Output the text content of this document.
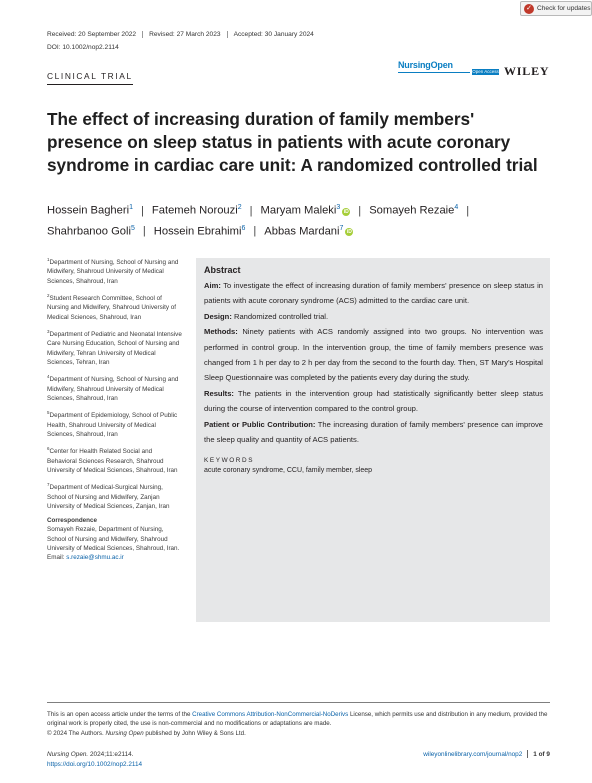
✓ Check for updates
Received: 20 September 2022	Revised: 27 March 2023	Accepted: 30 January 2024
DOI: 10.1002/nop2.2114
CLINICAL TRIAL
NursingOpen
Open Access WILEY
The effect of increasing duration of family members' presence on sleep status in patients with acute coronary syndrome in cardiac care unit: A randomized controlled trial
Hossein Bagheri$^1$ | Fatemeh Norouzi$^2$ | Maryam Maleki$^3$iD | Somayeh Rezaie$^4$ |
Shahrbanoo Goli$^5$ | Hossein Ebrahimi$^6$ | Abbas Mardani$^7$iD
$^1$Department of Nursing, School of Nursing and Midwifery, Shahroud University of Medical Sciences, Shahroud, Iran
$^2$Student Research Committee, School of Nursing and Midwifery, Shahroud University of Medical Sciences, Shahroud, Iran
$^3$Department of Pediatric and Neonatal Intensive Care Nursing Education, School of Nursing and Midwifery, Tehran University of Medical Sciences, Tehran, Iran
$^4$Department of Nursing, School of Nursing and Midwifery, Shahroud University of Medical Sciences, Shahroud, Iran
$^5$Department of Epidemiology, School of Public Health, Shahroud University of Medical Sciences, Shahroud, Iran
$^6$Center for Health Related Social and Behavioral Sciences Research, Shahroud University of Medical Sciences, Shahroud, Iran
$^7$Department of Medical-Surgical Nursing, School of Nursing and Midwifery, Zanjan University of Medical Sciences, Zanjan, Iran
Correspondence
Somayeh Rezaie, Department of Nursing, School of Nursing and Midwifery, Shahroud University of Medical Sciences, Shahroud, Iran.
Email: s.rezaie@shmu.ac.ir
Abstract

Aim: To investigate the effect of increasing duration of family members' presence on sleep status in patients with acute coronary syndrome (ACS) admitted to the cardiac care unit.

Design: Randomized controlled trial.

Methods: Ninety patients with ACS randomly assigned into two groups. No intervention was performed in control group. In the intervention group, the time of family members presence was changed from 1 h per day to 2 h per day from the second to the fourth day. Then, ST Mary's Hospital Sleep Questionnaire was completed by the patients every day during the study.

Results: The patients in the intervention group had statistically significantly better sleep status during the course of intervention compared to the control group.

Patient or Public Contribution: The increasing duration of family members' presence can improve the sleep quality and quantity of ACS patients.

KEYWORDS
acute coronary syndrome, CCU, family member, sleep
This is an open access article under the terms of the Creative Commons Attribution-NonCommercial-NoDerivs License, which permits use and distribution in any medium, provided the original work is properly cited, the use is non-commercial and no modifications or adaptations are made.
© 2024 The Authors. Nursing Open published by John Wiley & Sons Ltd.
Nursing Open. 2024;11:e2114.
https://doi.org/10.1002/nop2.2114
wileyonlinelibrary.com/journal/nop2 1 of 9
